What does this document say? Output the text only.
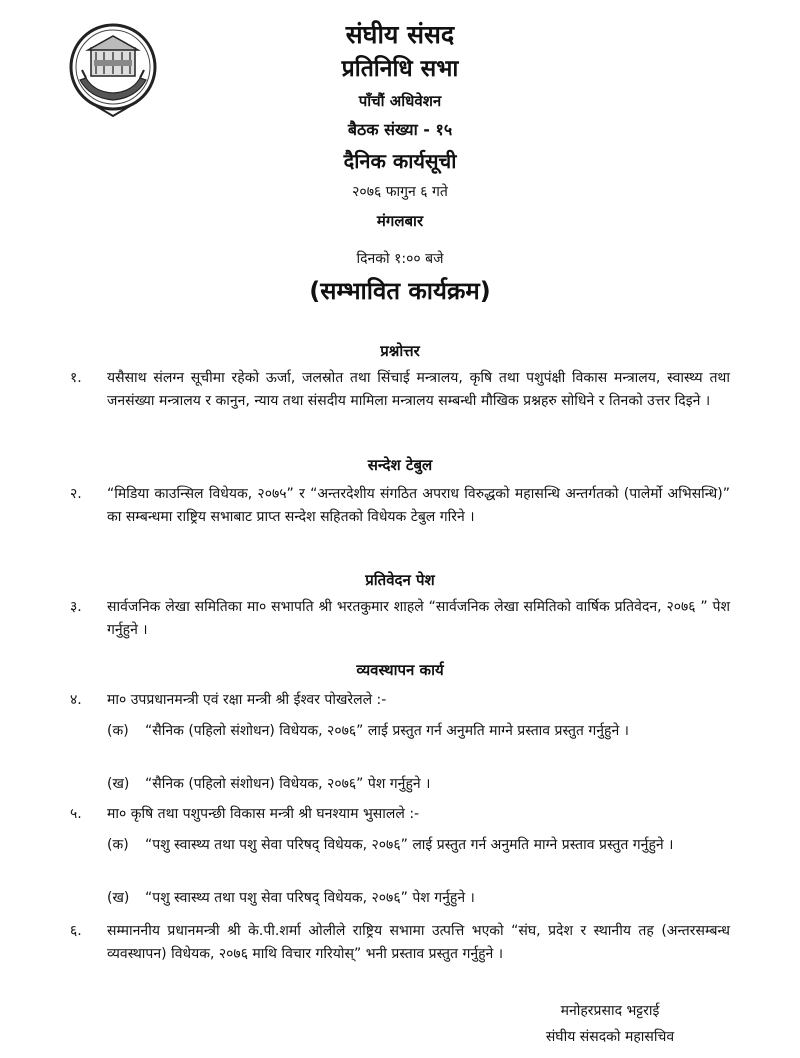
संघीय संसद
प्रतिनिधि सभा
पाँचौं अधिवेशन
बैठक संख्या - १५
दैनिक कार्यसूची
२०७६ फागुन ६ गते
मंगलबार
दिनको १:०० बजे
(सम्भावित कार्यक्रम)
प्रश्नोत्तर
१.	यसैसाथ संलग्न सूचीमा रहेको ऊर्जा, जलस्रोत तथा सिंचाई मन्त्रालय, कृषि तथा पशुपंक्षी विकास मन्त्रालय, स्वास्थ्य तथा जनसंख्या मन्त्रालय र कानुन, न्याय तथा संसदीय मामिला मन्त्रालय सम्बन्धी मौखिक प्रश्नहरु सोधिने र तिनको उत्तर दिइने ।
सन्देश टेबुल
२.	“मिडिया काउन्सिल विधेयक, २०७५” र “अन्तरदेशीय संगठित अपराध विरुद्धको महासन्धि अन्तर्गतको (पालेर्मो अभिसन्धि)” का सम्बन्धमा राष्ट्रिय सभाबाट प्राप्त सन्देश सहितको विधेयक टेबुल गरिने ।
प्रतिवेदन पेश
३.	सार्वजनिक लेखा समितिका मा० सभापति श्री भरतकुमार शाहले “सार्वजनिक लेखा समितिको वार्षिक प्रतिवेदन, २०७६ ” पेश गर्नुहुने ।
व्यवस्थापन कार्य
४.	मा० उपप्रधानमन्त्री एवं रक्षा मन्त्री श्री ईश्वर पोखरेलले :-
(क)	“सैनिक (पहिलो संशोधन) विधेयक, २०७६” लाई प्रस्तुत गर्न अनुमति माग्ने प्रस्ताव प्रस्तुत गर्नुहुने ।
(ख)	“सैनिक (पहिलो संशोधन) विधेयक, २०७६” पेश गर्नुहुने ।
५.	मा० कृषि तथा पशुपन्छी विकास मन्त्री श्री घनश्याम भुसालले :-
(क)	“पशु स्वास्थ्य तथा पशु सेवा परिषद् विधेयक, २०७६” लाई प्रस्तुत गर्न अनुमति माग्ने प्रस्ताव प्रस्तुत गर्नुहुने ।
(ख)	“पशु स्वास्थ्य तथा पशु सेवा परिषद् विधेयक, २०७६” पेश गर्नुहुने ।
६.	सम्माननीय प्रधानमन्त्री श्री के.पी.शर्मा ओलीले राष्ट्रिय सभामा उत्पत्ति भएको “संघ, प्रदेश र स्थानीय तह (अन्तरसम्बन्ध व्यवस्थापन) विधेयक, २०७६ माथि विचार गरियोस्” भनी प्रस्ताव प्रस्तुत गर्नुहुने ।
मनोहरप्रसाद भट्टराई
संघीय संसदको महासचिव
